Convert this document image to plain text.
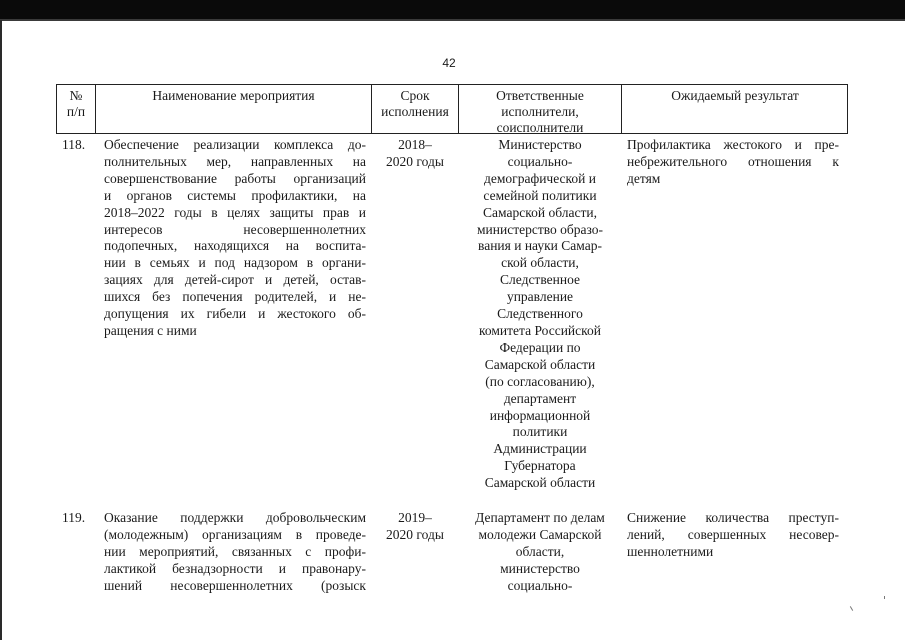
42
№
п/п
Наименование мероприятия	Срок
исполнения
Ответственные
исполнители,
соисполнители
Ожидаемый результат
118. Обеспечение реализации комплекса до-
полнительных мер, направленных на
совершенствование работы организаций
и органов системы профилактики, на
2018–2022 годы в целях защиты прав и
интересов несовершеннолетних
подопечных, находящихся на воспита-
нии в семьях и под надзором в органи-
зациях для детей-сирот и детей, остав-
шихся без попечения родителей, и не-
допущения их гибели и жестокого об-
ращения с ними
2018–
2020 годы
Министерство
социально-
демографической и
семейной политики
Самарской области,
министерство образо-
вания и науки Самар-
ской области,
Следственное
управление
Следственного
комитета Российской
Федерации по
Самарской области
(по согласованию),
департамент
информационной
политики
Администрации
Губернатора
Самарской области
Профилактика жестокого и пре-
небрежительного отношения к
детям
119. Оказание поддержки добровольческим
(молодежным) организациям в проведе-
нии мероприятий, связанных с профи-
лактикой безнадзорности и правонару-
шений несовершеннолетних (розыск
2019–
2020 годы
Департамент по делам
молодежи Самарской
области,
министерство
социально-
Снижение количества преступ-
лений, совершенных несовер-
шеннолетними
